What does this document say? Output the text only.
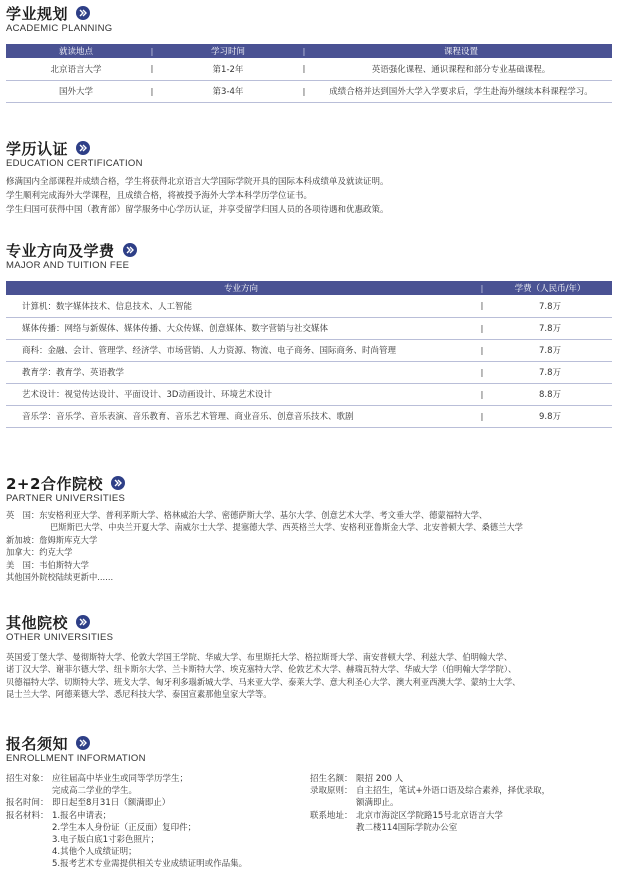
学业规划
ACADEMIC PLANNING
就读地点	|	学习时间	|	课程设置
北京语言大学	|	第1-2年	|	英语强化课程、通识课程和部分专业基础课程。
国外大学	|	第3-4年	|	成绩合格并达到国外大学入学要求后，学生赴海外继续本科课程学习。
学历认证
EDUCATION CERTIFICATION
修满国内全部课程并成绩合格，学生将获得北京语言大学国际学院开具的国际本科成绩单及就读证明。
学生顺利完成海外大学课程，且成绩合格，将被授予海外大学本科学历学位证书。
学生归国可获得中国（教育部）留学服务中心学历认证，并享受留学归国人员的各项待遇和优惠政策。
专业方向及学费
MAJOR AND TUITION FEE
专业方向	|	学费（人民币/年）
计算机：数字媒体技术、信息技术、人工智能	|	7.8万
媒体传播：网络与新媒体、媒体传播、大众传媒、创意媒体、数字营销与社交媒体	|	7.8万
商科：金融、会计、管理学、经济学、市场营销、人力资源、物流、电子商务、国际商务、时尚管理	|	7.8万
教育学：教育学、英语教学	|	7.8万
艺术设计：视觉传达设计、平面设计、3D动画设计、环境艺术设计	|	8.8万
音乐学：音乐学、音乐表演、音乐教育、音乐艺术管理、商业音乐、创意音乐技术、歌剧	|	9.8万
2+2合作院校
PARTNER UNIVERSITIES
英　国：东安格利亚大学、普利茅斯大学、格林威治大学、密德萨斯大学、基尔大学、创意艺术大学、考文垂大学、德蒙福特大学、
巴斯斯巴大学、中央兰开夏大学、南威尔士大学、提塞德大学、西英格兰大学、安格利亚鲁斯金大学、北安普顿大学、桑德兰大学
新加坡：詹姆斯库克大学
加拿大：约克大学
美　国：韦伯斯特大学
其他国外院校陆续更新中......
其他院校
OTHER UNIVERSITIES
英国爱丁堡大学、曼彻斯特大学、伦敦大学国王学院、华威大学、布里斯托大学、格拉斯哥大学、南安普顿大学、利兹大学、伯明翰大学、
诺丁汉大学、谢菲尔德大学、纽卡斯尔大学、兰卡斯特大学、埃克塞特大学、伦敦艺术大学、赫瑞瓦特大学、华威大学（伯明翰大学学院）、
贝德福特大学、切斯特大学、班戈大学、匈牙利多瑙新城大学、马来亚大学、泰莱大学、意大利圣心大学、澳大利亚西澳大学、蒙纳士大学、
昆士兰大学、阿德莱德大学、悉尼科技大学、泰国宣素那他皇家大学等。
报名须知
ENROLLMENT INFORMATION
招生对象： 应往届高中毕业生或同等学历学生；
完成高二学业的学生。
报名时间： 即日起至8月31日（额满即止）
报名材料： 1.报名申请表；
2.学生本人身份证（正反面）复印件；
3.电子版白底1寸彩色照片；
4.其他个人成绩证明；
5.报考艺术专业需提供相关专业成绩证明或作品集。
招生名额： 限招 200 人
录取原则： 自主招生，笔试+外语口语及综合素养，择优录取，
额满即止。
联系地址： 北京市海淀区学院路15号北京语言大学
教二楼114国际学院办公室
